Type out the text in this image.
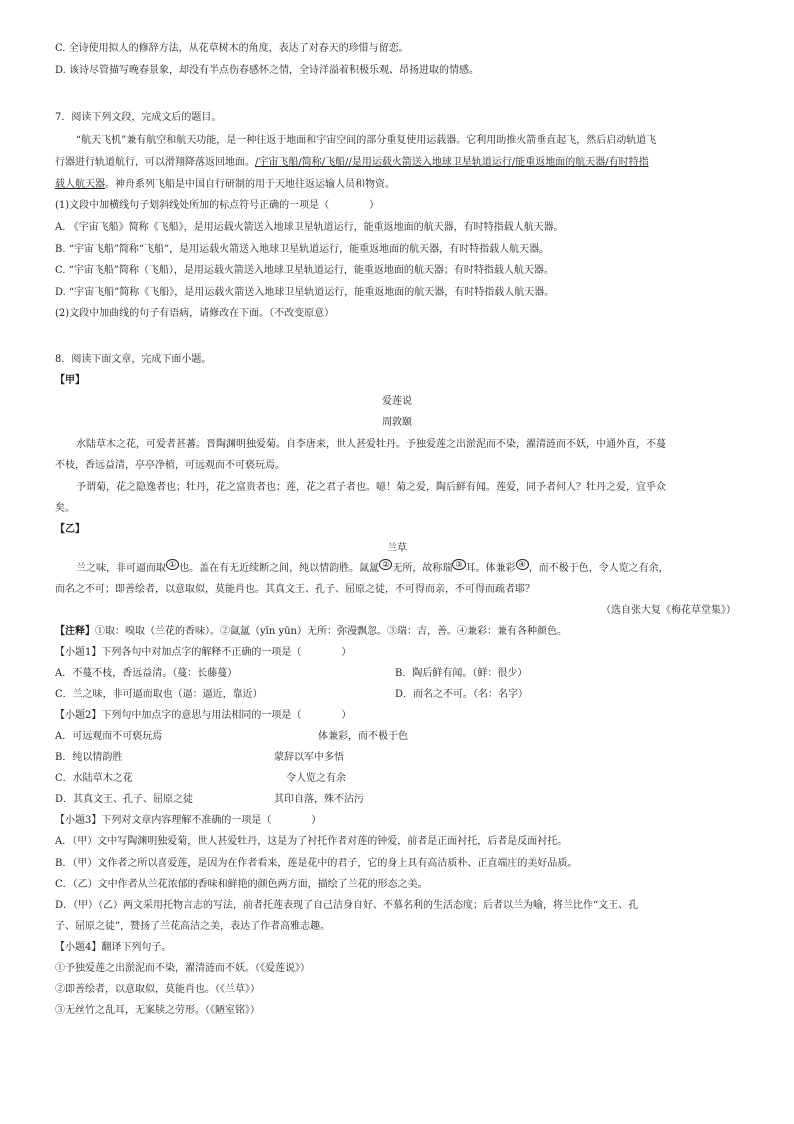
C. 全诗使用拟人的修辞方法，从花草树木的角度，表达了对春天的珍惜与留恋。
D. 该诗尽管描写晚春景象，却没有半点伤春感怀之情，全诗洋溢着积极乐观、昂扬进取的情感。
7．阅读下列文段，完成文后的题目。
“航天飞机”兼有航空和航天功能，是一种往返于地面和宇宙空间的部分重复使用运载器。它利用助推火箭垂直起飞，然后启动轨道飞
行器进行轨道航行，可以滑翔降落返回地面。/宇宙飞船/简称/飞船//是用运载火箭送入地球卫星轨道运行/能重返地面的航天器/有时特指
载人航天器。神舟系列飞船是中国自行研制的用于天地往返运输人员和物资。
(1)文段中加横线句子划斜线处所加的标点符号正确的一项是（　　　　）
A. 《宇宙飞船》简称《飞船》，是用运载火箭送入地球卫星轨道运行，能重返地面的航天器，有时特指载人航天器。
B. “宇宙飞船”简称“飞船”，是用运载火箭送入地球卫星轨道运行，能重返地面的航天器，有时特指载人航天器。
C. “宇宙飞船”简称（飞船），是用运载火箭送入地球卫星轨道运行，能重返地面的航天器；有时特指载人航天器。
D. “宇宙飞船”简称《飞船》，是用运载火箭送入地球卫星轨道运行，能重返地面的航天器，有时特指载人航天器。
(2)文段中加曲线的句子有语病，请修改在下面。（不改变原意）
8．阅读下面文章，完成下面小题。
【甲】
爱莲说
周敦颐
水陆草木之花，可爱者甚蕃。晋陶渊明独爱菊。自李唐来，世人甚爱牡丹。予独爱莲之出淤泥而不染，濯清涟而不妖，中通外直，不蔓
不枝，香远益清，亭亭净植，可远观而不可亵玩焉。
予谓菊，花之隐逸者也；牡丹，花之富贵者也；莲，花之君子者也。噫！菊之爱，陶后鲜有闻。莲爱，同予者何人？牡丹之爱，宜乎众
矣。
【乙】
兰草
兰之味，非可逼而取 ① 也。盖在有无近续断之间，纯以情韵胜。氤氲 ② 无所，故称瑞 ③ 耳。体兼彩 ④ ，而不极于色，令人览之有余，
而名之不可；即善绘者，以意取似，莫能肖也。其真文王、孔子、屈原之徒，不可得而亲，不可得而疏者耶？
（选自张大复《梅花草堂集》）
【注释】①取：嗅取（兰花的香味）。②氤氲（yīn yūn）无所：弥漫飘忽。③瑞：吉，善。④兼彩：兼有各种颜色。
【小题1】下列各句中对加点字的解释不正确的一项是（　　　　）
A．不蔓不枝，香远益清。（蔓：长藤蔓）	B．陶后鲜有闻。（鲜：很少）
C．兰之味，非可逼而取也（逼：逼近，靠近）	D．而名之不可。（名：名字）
【小题2】下列句中加点字的意思与用法相同的一项是（　　　　）
A．可远观而不可亵玩焉	体兼彩，而不极于色
B．纯以情韵胜	蒙辞以军中多悟
C．水陆草木之花	令人览之有余
D．其真文王、孔子、屈原之徒	其印自落，殊不沾污
【小题3】下列对文章内容理解不准确的一项是（　　　　）
A．（甲）文中写陶渊明独爱菊，世人甚爱牡丹，这是为了衬托作者对莲的钟爱，前者是正面衬托，后者是反面衬托。
B．（甲）文作者之所以喜爱莲，是因为在作者看来，莲是花中的君子，它的身上具有高洁质朴、正直端庄的美好品质。
C．（乙）文中作者从兰花浓郁的香味和鲜艳的颜色两方面，描绘了兰花的形态之美。
D．（甲）（乙）两文采用托物言志的写法，前者托莲表现了自己洁身自好、不慕名利的生活态度；后者以兰为喻，将兰比作“文王、孔
子、屈原之徒”，赞扬了兰花高洁之美，表达了作者高雅志趣。
【小题4】翻译下列句子。
①予独爱莲之出淤泥而不染，濯清涟而不妖。（《爱莲说》）
②即善绘者，以意取似，莫能肖也。（《兰草》）
③无丝竹之乱耳，无案牍之劳形。（《陋室铭》）
